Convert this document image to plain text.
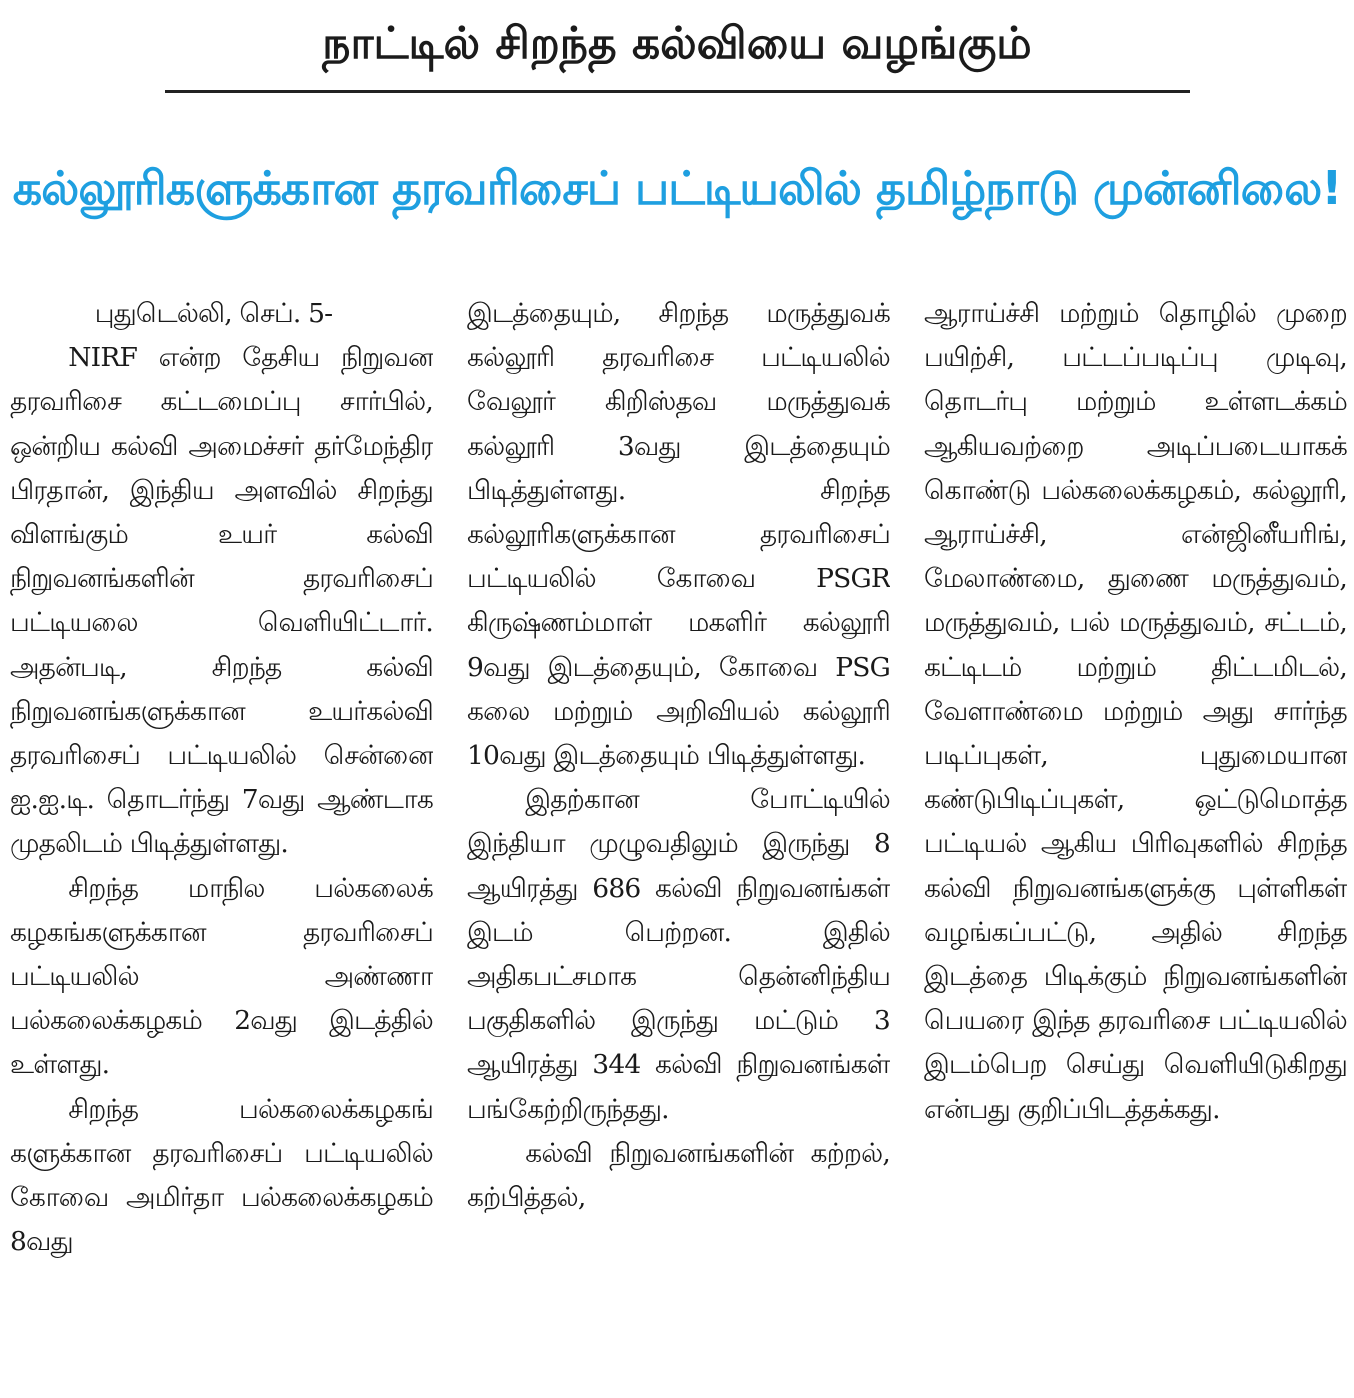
நாட்டில் சிறந்த கல்வியை வழங்கும்
கல்லூரிகளுக்கான தரவரிசைப் பட்டியலில் தமிழ்நாடு முன்னிலை!

புதுடெல்லி, செப். 5-

NIRF என்ற தேசிய நிறுவன தரவரிசை கட்டமைப்பு சார்பில், ஒன்றிய கல்வி அமைச்சர் தர்மேந்திர பிரதான், இந்திய அளவில் சிறந்து விளங்கும் உயர் கல்வி நிறுவனங்களின் தரவரிசைப் பட்டியலை வெளியிட்டார். அதன்படி, சிறந்த கல்வி நிறுவனங்களுக்கான உயர்கல்வி தரவரிசைப் பட்டியலில் சென்னை ஐ.ஐ.டி. தொடர்ந்து 7வது ஆண்டாக முதலிடம் பிடித்துள்ளது.

சிறந்த மாநில பல்கலைக் கழகங்களுக்கான தரவரிசைப் பட்டியலில் அண்ணா பல்கலைக்கழகம் 2வது இடத்தில் உள்ளது.

சிறந்த பல்கலைக்கழகங் களுக்கான தரவரிசைப் பட்டியலில் கோவை அமிர்தா பல்கலைக்கழகம் 8வது

இடத்தையும், சிறந்த மருத்துவக் கல்லூரி தரவரிசை பட்டியலில் வேலூர் கிறிஸ்தவ மருத்துவக் கல்லூரி 3வது இடத்தையும் பிடித்துள்ளது. சிறந்த கல்லூரிகளுக்கான தரவரிசைப் பட்டியலில் கோவை PSGR கிருஷ்ணம்மாள் மகளிர் கல்லூரி 9வது இடத்தையும், கோவை PSG கலை மற்றும் அறிவியல் கல்லூரி 10வது இடத்தையும் பிடித்துள்ளது.

இதற்கான போட்டியில் இந்தியா முழுவதிலும் இருந்து 8 ஆயிரத்து 686 கல்வி நிறுவனங்கள் இடம் பெற்றன. இதில் அதிகபட்சமாக தென்னிந்திய பகுதிகளில் இருந்து மட்டும் 3 ஆயிரத்து 344 கல்வி நிறுவனங்கள் பங்கேற்றிருந்தது.

கல்வி நிறுவனங்களின் கற்றல், கற்பித்தல்,

ஆராய்ச்சி மற்றும் தொழில் முறை பயிற்சி, பட்டப்படிப்பு முடிவு, தொடர்பு மற்றும் உள்ளடக்கம் ஆகியவற்றை அடிப்படையாகக் கொண்டு பல்கலைக்கழகம், கல்லூரி, ஆராய்ச்சி, என்ஜினீயரிங், மேலாண்மை, துணை மருத்துவம், மருத்துவம், பல் மருத்துவம், சட்டம், கட்டிடம் மற்றும் திட்டமிடல், வேளாண்மை மற்றும் அது சார்ந்த படிப்புகள், புதுமையான கண்டுபிடிப்புகள், ஒட்டுமொத்த பட்டியல் ஆகிய பிரிவுகளில் சிறந்த கல்வி நிறுவனங்களுக்கு புள்ளிகள் வழங்கப்பட்டு, அதில் சிறந்த இடத்தை பிடிக்கும் நிறுவனங்களின் பெயரை இந்த தரவரிசை பட்டியலில் இடம்பெற செய்து வெளியிடுகிறது என்பது குறிப்பிடத்தக்கது.
